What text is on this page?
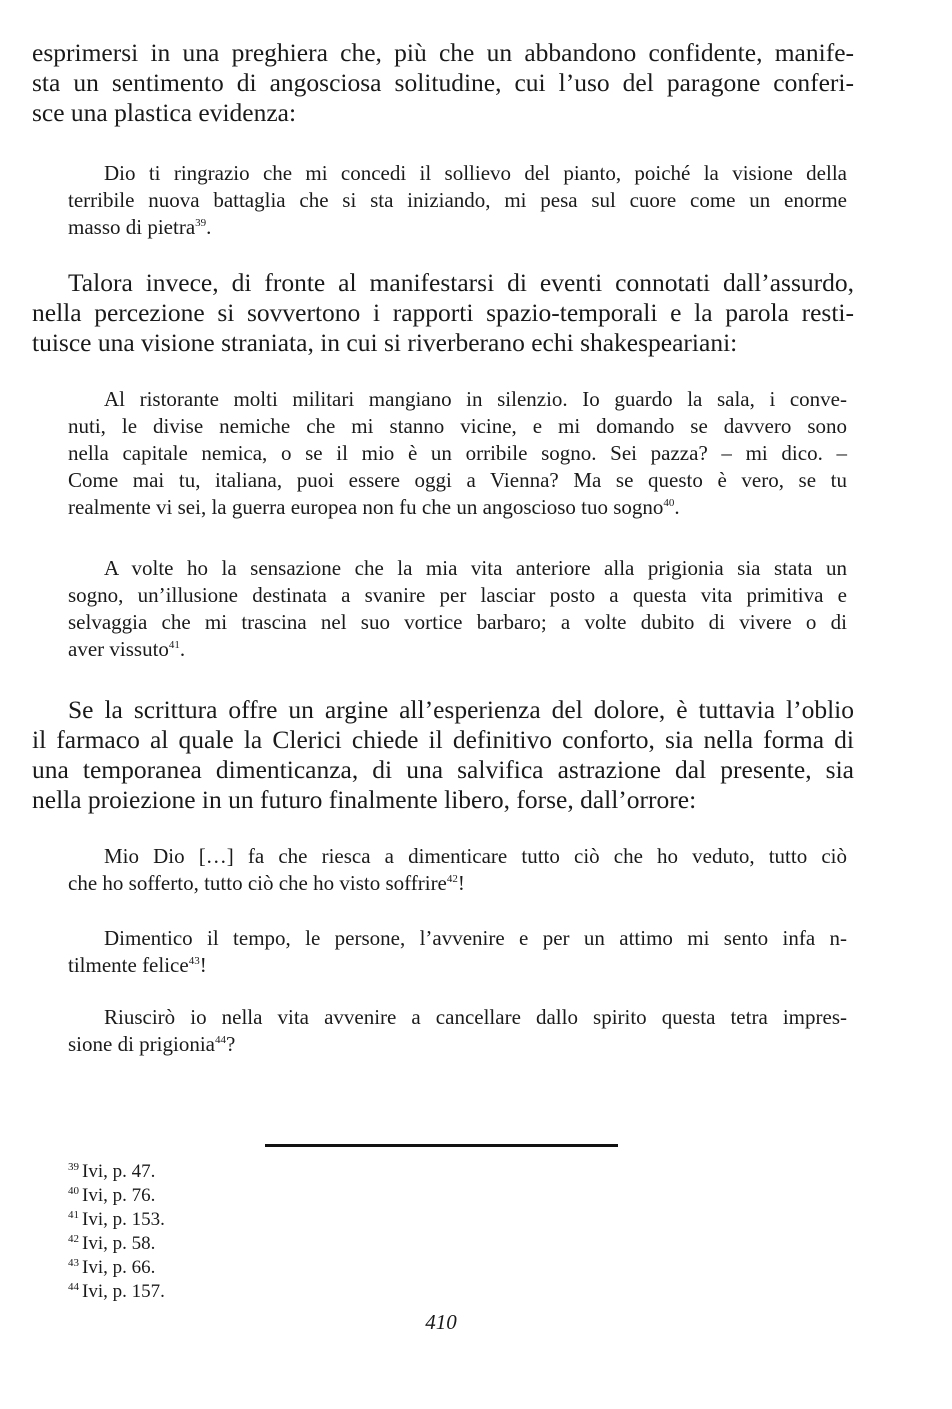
esprimersi in una preghiera che, più che un abbandono confidente, manife-
sta un sentimento di angosciosa solitudine, cui l’uso del paragone conferi-
sce una plastica evidenza:

Dio ti ringrazio che mi concedi il sollievo del pianto, poiché la visione della
terribile nuova battaglia che si sta iniziando, mi pesa sul cuore come un enorme
masso di pietra$^{39}$.

Talora invece, di fronte al manifestarsi di eventi connotati dall’assurdo,
nella percezione si sovvertono i rapporti spazio-temporali e la parola resti-
tuisce una visione straniata, in cui si riverberano echi shakespeariani:

Al ristorante molti militari mangiano in silenzio. Io guardo la sala, i conve-
nuti, le divise nemiche che mi stanno vicine, e mi domando se davvero sono
nella capitale nemica, o se il mio è un orribile sogno. Sei pazza? – mi dico. –
Come mai tu, italiana, puoi essere oggi a Vienna? Ma se questo è vero, se tu
realmente vi sei, la guerra europea non fu che un angoscioso tuo sogno$^{40}$.

A volte ho la sensazione che la mia vita anteriore alla prigionia sia stata un
sogno, un’illusione destinata a svanire per lasciar posto a questa vita primitiva e
selvaggia che mi trascina nel suo vortice barbaro; a volte dubito di vivere o di
aver vissuto$^{41}$.

Se la scrittura offre un argine all’esperienza del dolore, è tuttavia l’oblio
il farmaco al quale la Clerici chiede il definitivo conforto, sia nella forma di
una temporanea dimenticanza, di una salvifica astrazione dal presente, sia
nella proiezione in un futuro finalmente libero, forse, dall’orrore:

Mio Dio […] fa che riesca a dimenticare tutto ciò che ho veduto, tutto ciò
che ho sofferto, tutto ciò che ho visto soffrire$^{42}$!

Dimentico il tempo, le persone, l’avvenire e per un attimo mi sento infa n-
tilmente felice$^{43}$!

Riuscirò io nella vita avvenire a cancellare dallo spirito questa tetra impres-
sione di prigionia$^{44}$?

$^{39}$ Ivi, p. 47.
$^{40}$ Ivi, p. 76.
$^{41}$ Ivi, p. 153.
$^{42}$ Ivi, p. 58.
$^{43}$ Ivi, p. 66.
$^{44}$ Ivi, p. 157.
410
